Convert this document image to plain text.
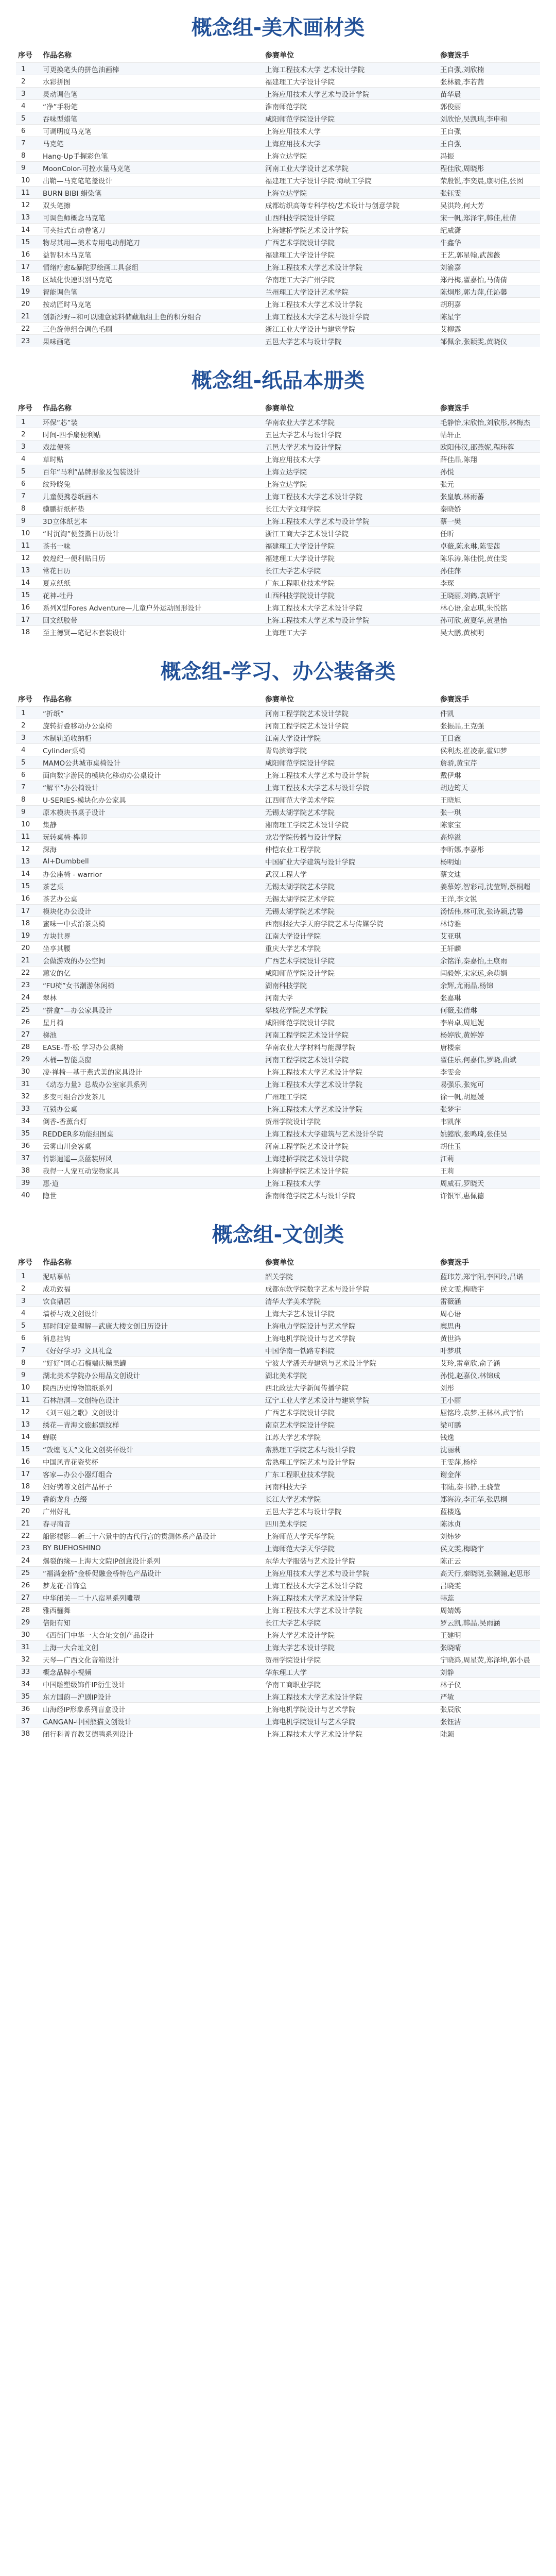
概念组-美术画材类
序号	作品名称	参赛单位	参赛选手
1	可更换笔头的拼色油画棒	上海工程技术大学 艺术设计学院	王自强,刘欣楠
2	水彩拼图	福建理工大学设计学院	张林毅,李若茜
3	灵动调色笔	上海应用技术大学艺术与设计学院	苗华晨
4	“净”手粉笔	淮南师范学院	郭俊丽
5	吞味型蜡笔	咸阳师范学院设计学院	刘欣怡,吴凯瑞,李申和
6	可调明度马克笔	上海应用技术大学	王自强
7	马克笔	上海应用技术大学	王自强
8	Hang-Up手握彩色笔	上海立达学院	冯振
9	MoonColor-可控水量马克笔	河南工业大学设计艺术学院	程佳欣,周晓彤
10	出鞘—马克笔笔盖设计	福建理工大学设计学院·海峡工学院	荣殷锐,李奕晨,康明佳,张囡
11	BURN BIBI 蜡染笔	上海立达学院	张钰雯
12	双头笔擦	成都纺织高等专科学校/艺术设计与创意学院	吴洪羚,何大芳
13	可调色师概念马克笔	山西科技学院设计学院	宋一帆,郑泽宇,韩佳,杜倩
14	可夹挂式自动卷笔刀	上海建桥学院艺术设计学院	纪威潇
15	物尽其用—美术专用电动削笔刀	广西艺术学院设计学院	牛鑫华
16	益智积木马克笔	福建理工大学设计学院	王艺,郭星翰,武茜薇
17	情绪疗愈&暴陀罗绘画工具套组	上海工程技术大学艺术设计学院	刘渝嘉
18	区域化快速识别马克笔	华南理工大学广州学院	郑丹梅,翟嘉怡,马倩倩
19	智能调色笔	兰州理工大学设计艺术学院	陈炯彤,郭力萍,任沁馨
20	按动匠时马克笔	上海工程技术大学艺术设计学院	胡玥嘉
21	创新沙野~和可以随意滤料储藏瓶组上色的积分组合	上海工程技术大学艺术与设计学院	陈星宇
22	三色旋伸组合调色毛刷	浙江工业大学设计与建筑学院	艾柳露
23	果味画笔	五邑大学艺术与设计学院	邹佩余,张颖雯,黄晓仪
概念组-纸品本册类
序号	作品名称	参赛单位	参赛选手
1	环保“芯”装	华南农业大学艺术学院	毛静怡,宋欣怡,刘欣彤,林梅杰
2	时间-四季扇便利贴	五邑大学艺术与设计学院	帖轩正
3	戏法便签	五邑大学艺术与设计学院	欧阳伟汉,邵燕妮,程玮蓉
4	草时贴	上海应用技术大学	薛佳晶,陈翔
5	百年“马利”品牌形象及包装设计	上海立达学院	孙悦
6	纹玲晓兔	上海立达学院	张元
7	儿童便携卷纸画本	上海工程技术大学艺术设计学院	张皇敏,林雨蕃
8	骥鹏折纸杯垫	长江大学文理学院	秦晓娇
9	3D立体纸艺本	上海工程技术大学艺术与设计学院	蔡一樊
10	“时沉淘”便签撕日历设计	浙江工商大学艺术设计学院	任昕
11	茶书一味	福建理工大学设计学院	卓薇,陈永琳,陈雯茜
12	敦煌纪一便利贴日历	福建理工大学设计学院	陈乐涛,陈佳悦,黄佳雯
13	常花日历	长江大学艺术学院	孙佳萍
14	夏京纸纸	广东工程职业技术学院	李琛
15	花神-牡丹	山西科技学院设计学院	王晓丽,刘鹤,袁妍宇
16	系列X型Fores Adventure—儿童户外运动图形设计	上海工程技术大学艺术设计学院	林心语,金志琪,朱悦铭
17	回文纸胶带	上海工程技术大学艺术与设计学院	孙可欣,黄夏华,黄星怡
18	至主德贤—笔记本套装设计	上海理工大学	吴大鹏,黄桢明
概念组-学习、办公装备类
序号	作品名称	参赛单位	参赛选手
1	“折纸”	河南工程学院艺术设计学院	件凯
2	旋转折叠移动办公桌椅	河南工程学院艺术设计学院	张振晶,王克强
3	木制轨道收纳柜	江南大学设计学院	王日鑫
4	Cylinder桌椅	青岛滨海学院	侯利杰,崔凌豪,霍如梦
5	MAMO公共城市桌椅设计	咸阳师范学院设计学院	詹骄,黄宝芹
6	面向数字游民的模块化移动办公桌设计	上海工程技术大学艺术与设计学院	戴伊琳
7	“解平”办公椅设计	上海工程技术大学艺术与设计学院	胡边筠天
8	U-SERIES-模块化办公家具	江西师范大学美术学院	王晓旭
9	原木模块书桌子设计	无锡太湖学院艺术学院	张一琪
10	集静	湘南理工学院艺术设计学院	陈家宝
11	玩转桌椅-榫卯	龙岩学院传播与设计学院	高煌溢
12	深海	仲恺农业工程学院	李昕娜,李嘉彤
13	AI+Dumbbell	中国矿业大学建筑与设计学院	杨明灿
14	办公座椅 - warrior	武汉工程大学	蔡文迪
15	茶艺桌	无锡太湖学院艺术学院	姜慕婷,智彩司,沈莹辉,蔡桐超
16	茶艺办公桌	无锡太湖学院艺术学院	王洋,李文锐
17	模块化办公设计	无锡太湖学院艺术学院	汤恬伟,林可欣,张诗颖,沈馨
18	蜜味一中式治茶桌椅	西南财经大学天府学院艺术与传媒学院	林诗雅
19	方块世界	江南大学设计学院	艾亚琪
20	坐享其腰	重庆大学艺术学院	王轩麟
21	会做游戏的办公空间	广西艺术学院设计学院	余铭洋,秦嘉怡,王康雨
22	蕙安的亿	咸阳师范学院设计学院	闫毅婷,宋家远,余萌娟
23	“FU椅”女书潮游休闲椅	湖南科技学院	余辉,尤雨晶,杨锦
24	翠林	河南大学	张嘉琳
25	“拼盒”—办公家具设计	攀枝花学院艺术学院	何薇,张倩琳
26	星月椅	咸阳师范学院设计学院	李岩卓,周旭妮
27	梯池	河南工程学院艺术设计学院	杨婷欣,黄婷婷
28	EASE-青·松 学习办公桌椅	华南农业大学材料与能源学院	唐楼豪
29	木桶—智能桌窗	河南工程学院艺术设计学院	翟佳乐,何嘉伟,罗晓,曲斌
30	凌·禅椅—基于燕式美的家具设计	上海工程技术大学艺术设计学院	李雯会
31	《动态力量》总裁办公室家具系列	上海工程技术大学艺术设计学院	易强乐,张宛可
32	多变可组合沙发茶几	广州理工学院	徐一帆,胡愿媛
33	互锁办公桌	上海工程技术大学艺术设计学院	张梦宇
34	倒香-香薰台灯	贺州学院设计学院	韦凯萍
35	REDDER多功能组图桌	上海工程技术大学建筑与艺术设计学院	姚懿欣,张鸣琦,张佳昊
36	云雾山川会客桌	河南工程学院艺术设计学院	胡佳玉
37	竹影逍遥—桌蓝装屏风	上海建桥学院艺术设计学院	江莉
38	我得一人宠互动宠物家具	上海建桥学院艺术设计学院	王莉
39	惠·道	上海工程技术大学	周威石,罗晓天
40	隐世	淮南师范学院艺术与设计学院	许银军,惠佩德
概念组-文创类
序号	作品名称	参赛单位	参赛选手
1	泥咕摹帖	韶关学院	蓝玮芳,郑宇阳,李国玲,吕诺
2	成功致福	成都东软学院数字艺术与设计学院	侯文雯,梅晓宇
3	饮食鼎居	清华大学美术学院	雷薇涵
4	墙桥与戏文创设计	上海大学艺术设计学院	周心语
5	那时间定量理解—武康大楼文创日历设计	上海电力学院设计与艺术学院	糜思冉
6	消息挂钩	上海电机学院设计与艺术学院	黄世鸿
7	《好好学习》文具礼盒	中国华南一铁路专科院	叶梦琪
8	“好好”同心石榴端庆糖果罐	宁波大学潘天寿建筑与艺术设计学院	艾玲,雷童欣,俞子涵
9	湖北美术学院办公用品文创设计	湖北美术学院	孙悦,赵嘉仪,林锦成
10	陕西历史博物馆纸系列	西北政法大学新闻传播学院	刘彤
11	石林溶洞—文创特色设计	辽宁工业大学艺术设计与建筑学院	王小丽
12	《刘三姐之歌》文创设计	广西艺术学院设计学院	屈铭玲,袁梦,王林林,武宇怡
13	绣花—青海文旅邮票纹样	南京艺术学院设计学院	梁可鹏
14	蝉联	江苏大学艺术学院	钱逸
15	“敦煌飞天”文化文创奖杯设计	常熟理工学院艺术与设计学院	沈丽莉
16	中国风青花瓷奖杯	常熟理工学院艺术与设计学院	王雯萍,杨梓
17	客家—办公小器灯组合	广东工程职业技术学院	谢金萍
18	妇好鸮尊文创产品杯子	河南科技大学	韦陆,秦书静,王骁莹
19	香韵龙舟-点缀	长江大学艺术学院	郑海涛,李正华,张思桐
20	广州好礼	五邑大学艺术与设计学院	蓝楼逸
21	春寻南音	四川美术学院	陈冰贞
22	船影楼影—新三十六景中的古代行宫的贯测体系产品设计	上海师范大学天华学院	刘炜梦
23	BY BUEHOSHINO	上海师范大学天华学院	侯文雯,梅晓宇
24	爆裂的缘—上海大文院IP创意设计系列	东华大学服装与艺术设计学院	陈正云
25	“福满金桥”金桥促融金桥特色产品设计	上海应用技术大学艺术与设计学院	高天行,秦晓晓,张灏瀚,赵思形
26	梦龙花·首饰盒	上海工程技术大学艺术设计学院	吕晓雯
27	中华闭关—二十八宿星系列雕塑	上海工程技术大学艺术设计学院	韩蕊
28	雅西骊舞	上海工程技术大学艺术设计学院	周婧嫣
29	倍阳有知	长江大学艺术学院	罗云凯,韩晶,吴雨涵
30	《西街门中华一大合址文创产品设计	上海大学艺术设计学院	王建明
31	上海一大合址文创	上海大学艺术设计学院	张晓晴
32	天琴—广西文化音箱设计	贺州学院设计学院	宁晓鸿,周星荧,郑泽坤,郭小晨
33	概念品牌小视频	华东理工大学	刘静
34	中国雕塑级饰件IP衍生设计	华南工商职业学院	林子仪
35	东方国韵—沪剧IP设计	上海工程技术大学艺术设计学院	严敏
36	山海经IP形象系列盲盒设计	上海电机学院设计与艺术学院	张辰欣
37	GANGAN-中国熊猫文创设计	上海电机学院设计与艺术学院	张钰洁
38	闭行科普育教艾德鸭系列设计	上海工程技术大学艺术设计学院	陆颖
